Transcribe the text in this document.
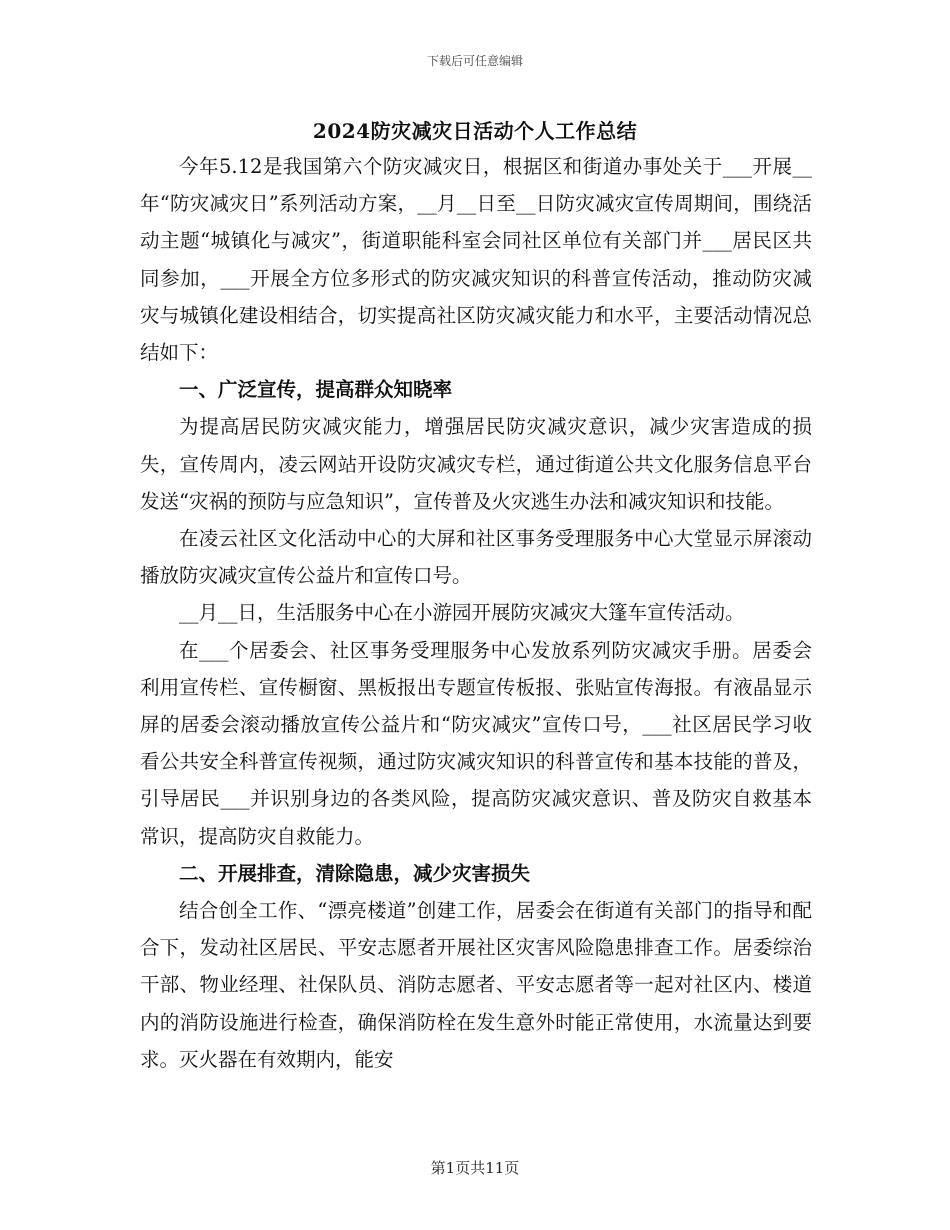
下载后可任意编辑
2024防灾减灾日活动个人工作总结

今年5.12是我国第六个防灾减灾日，根据区和街道办事处关于___开展__年“防灾减灾日”系列活动方案，__月__日至__日防灾减灾宣传周期间，围绕活动主题“城镇化与减灾”，街道职能科室会同社区单位有关部门并___居民区共同参加，___开展全方位多形式的防灾减灾知识的科普宣传活动，推动防灾减灾与城镇化建设相结合，切实提高社区防灾减灾能力和水平，主要活动情况总结如下：

一、广泛宣传，提高群众知晓率

为提高居民防灾减灾能力，增强居民防灾减灾意识，减少灾害造成的损失，宣传周内，凌云网站开设防灾减灾专栏，通过街道公共文化服务信息平台发送“灾祸的预防与应急知识”，宣传普及火灾逃生办法和减灾知识和技能。

在凌云社区文化活动中心的大屏和社区事务受理服务中心大堂显示屏滚动播放防灾减灾宣传公益片和宣传口号。

__月__日，生活服务中心在小游园开展防灾减灾大篷车宣传活动。

在___个居委会、社区事务受理服务中心发放系列防灾减灾手册。居委会利用宣传栏、宣传橱窗、黑板报出专题宣传板报、张贴宣传海报。有液晶显示屏的居委会滚动播放宣传公益片和“防灾减灾”宣传口号，___社区居民学习收看公共安全科普宣传视频，通过防灾减灾知识的科普宣传和基本技能的普及，引导居民___并识别身边的各类风险，提高防灾减灾意识、普及防灾自救基本常识，提高防灾自救能力。

二、开展排查，清除隐患，减少灾害损失

结合创全工作、“漂亮楼道”创建工作，居委会在街道有关部门的指导和配合下，发动社区居民、平安志愿者开展社区灾害风险隐患排查工作。居委综治干部、物业经理、社保队员、消防志愿者、平安志愿者等一起对社区内、楼道内的消防设施进行检查，确保消防栓在发生意外时能正常使用，水流量达到要求。灭火器在有效期内，能安

第1页共11页
